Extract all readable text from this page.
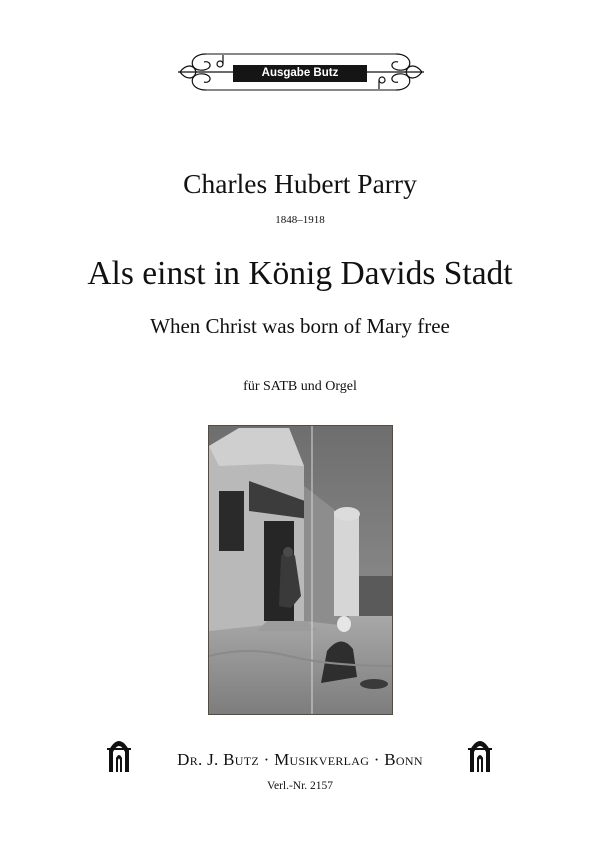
Ausgabe Butz
Charles Hubert Parry
1848–1918
Als einst in König Davids Stadt
When Christ was born of Mary free
für SATB und Orgel
Dr. J. Butz · Musikverlag · Bonn
Verl.-Nr. 2157
